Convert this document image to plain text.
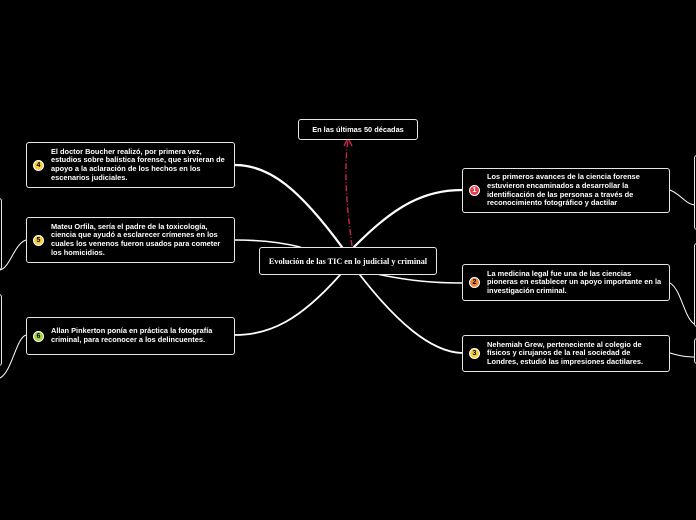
Evolución de las TIC en lo judicial y criminal
En las últimas 50 décadas
1
Los primeros avances de la ciencia forense estuvieron encaminados a desarrollar la identificación de las personas a través de reconocimiento fotográfico y dactilar
2
La medicina legal fue una de las ciencias pioneras en establecer un apoyo importante en la investigación criminal.
3
Nehemiah Grew, perteneciente al colegio de físicos y cirujanos de la real sociedad de Londres, estudió las impresiones dactilares.
4
El doctor Boucher realizó, por primera vez, estudios sobre balística forense, que sirvieran de apoyo a la aclaración de los hechos en los escenarios judiciales.
5
Mateu Orfila, sería el padre de la toxicología, ciencia que ayudó a esclarecer crímenes en los cuales los venenos fueron usados para cometer los homicidios.
6
Allan Pinkerton ponía en práctica la fotografía criminal, para reconocer a los delincuentes.
